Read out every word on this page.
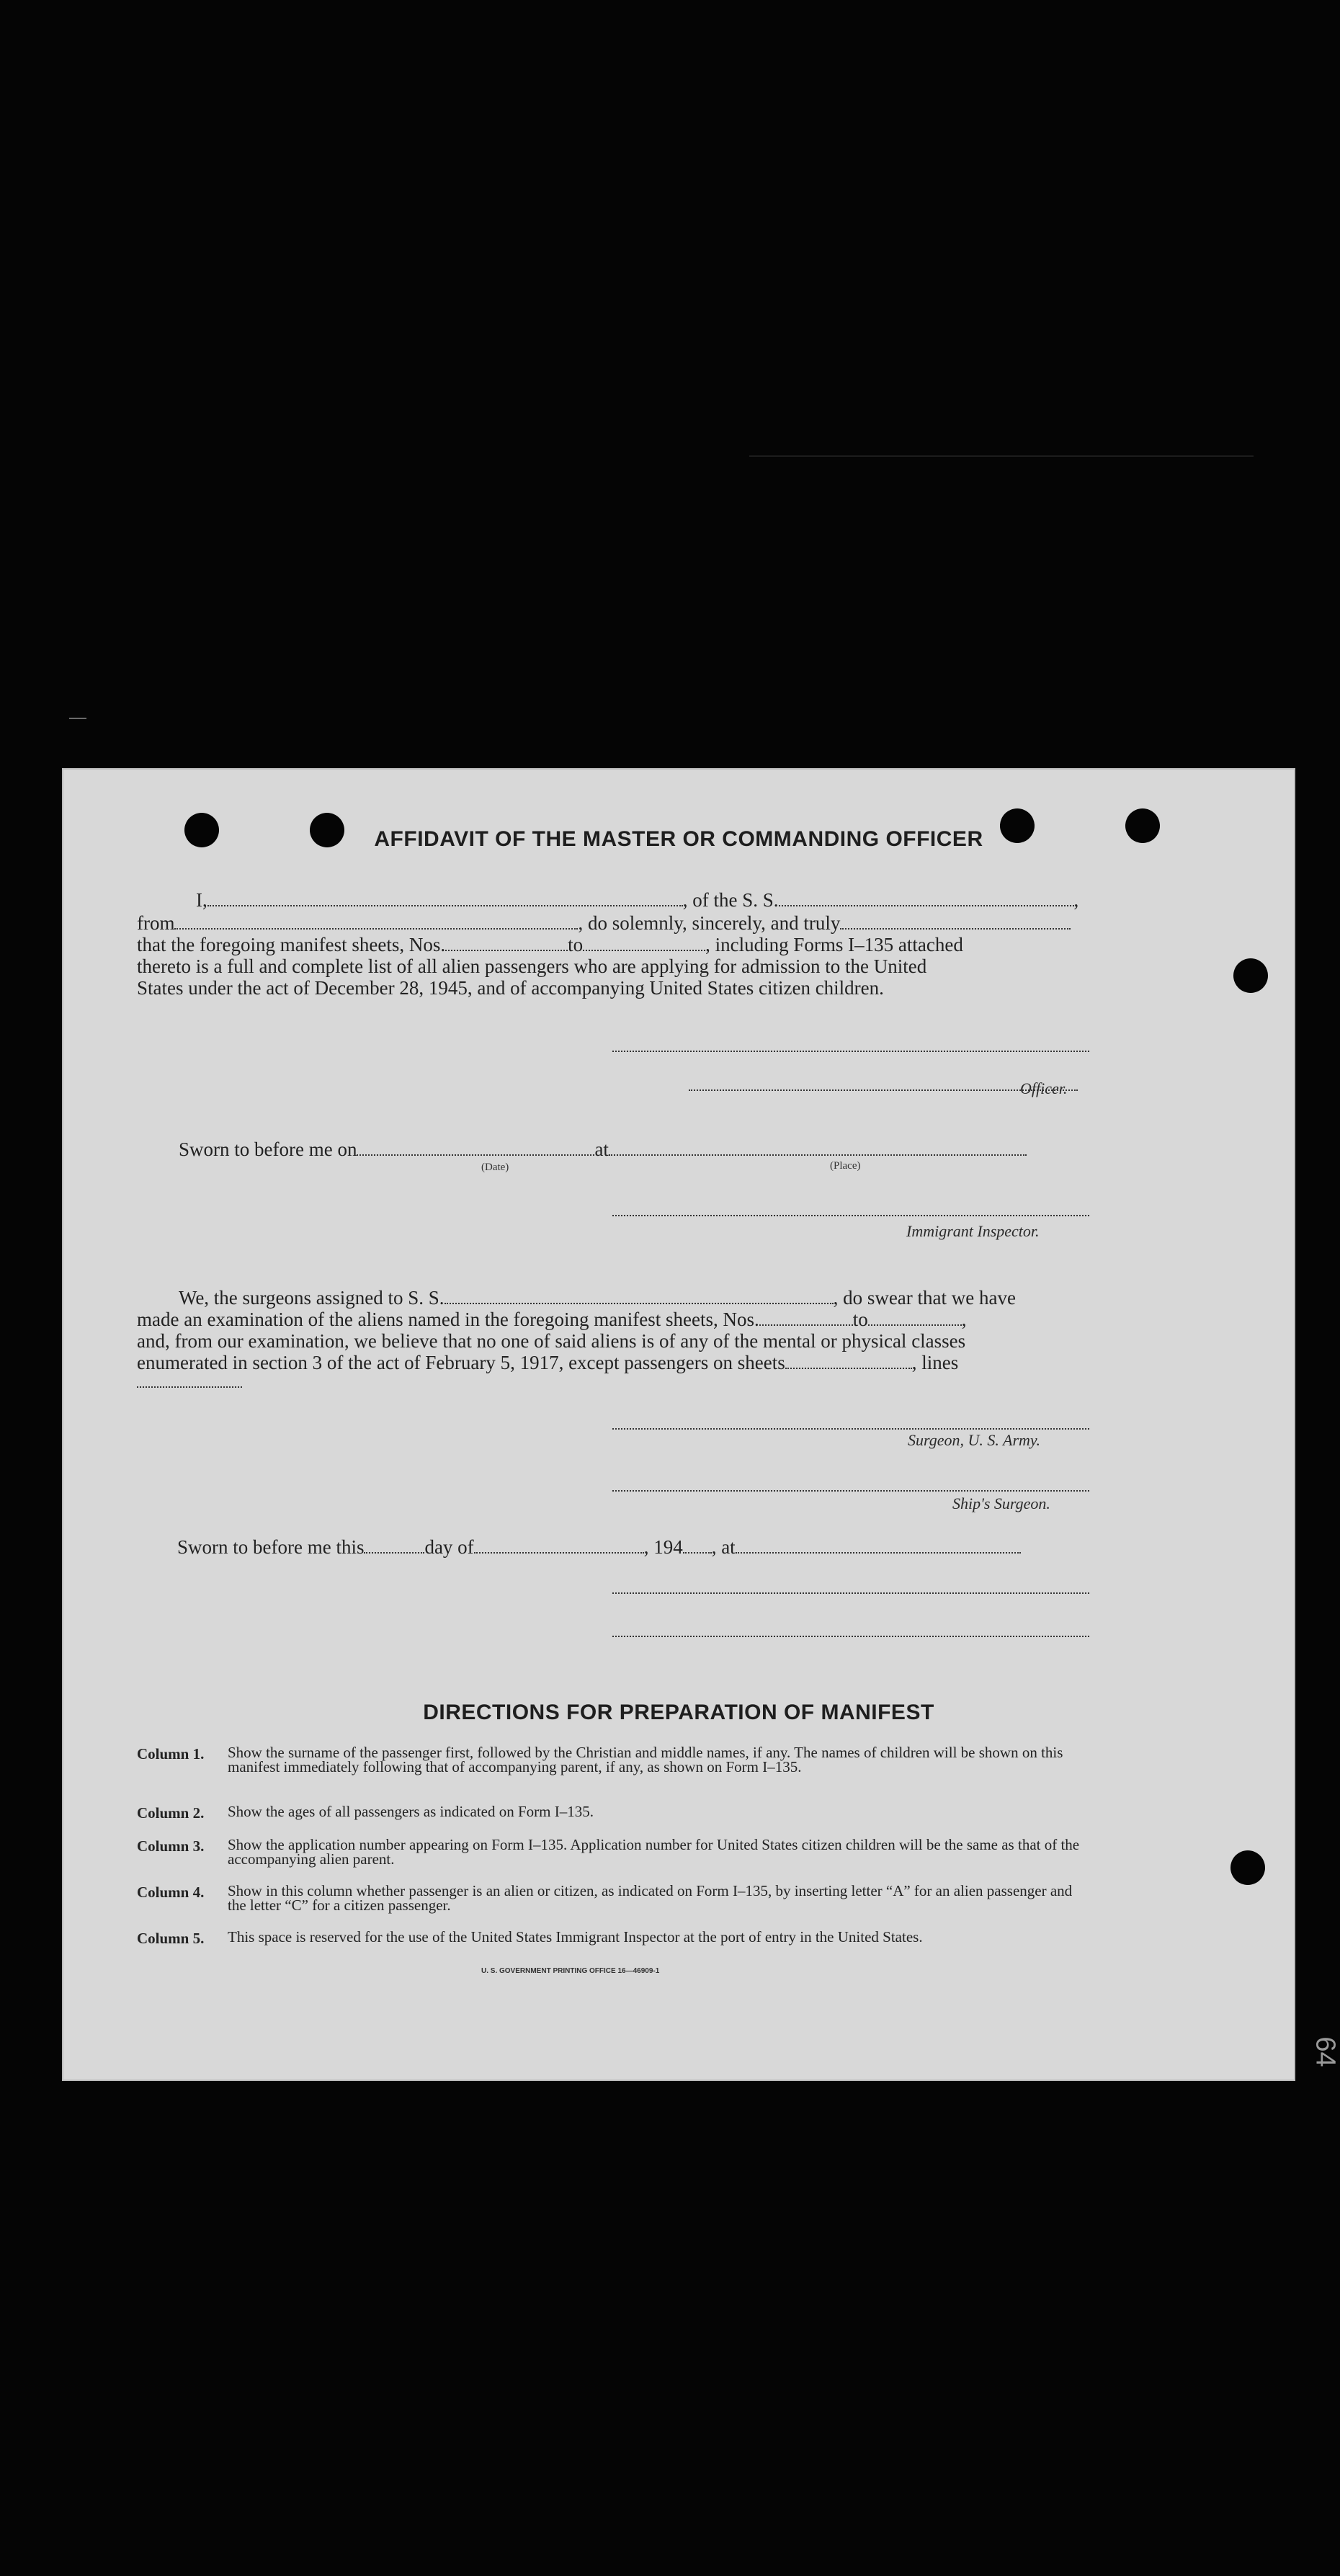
AFFIDAVIT OF THE MASTER OR COMMANDING OFFICER
I,	, of the S. S.	,
from	, do solemnly, sincerely, and truly
that the foregoing manifest sheets, Nos.	to	, including Forms I–135 attached
thereto is a full and complete list of all alien passengers who are applying for admission to the United
States under the act of December 28, 1945, and of accompanying United States citizen children.
Officer.
Sworn to before me on	at
(Date)	(Place)
Immigrant Inspector.
We, the surgeons assigned to S. S.	, do swear that we have
made an examination of the aliens named in the foregoing manifest sheets, Nos.	to	,
and, from our examination, we believe that no one of said aliens is of any of the mental or physical classes
enumerated in section 3 of the act of February 5, 1917, except passengers on sheets	, lines
Surgeon, U. S. Army.
Ship's Surgeon.
Sworn to before me this	day of	, 194 , at
DIRECTIONS FOR PREPARATION OF MANIFEST
Column 1. Show the surname of the passenger first, followed by the Christian and middle names, if any. The names of children will be shown on this manifest immediately following that of accompanying parent, if any, as shown on Form I–135.
Column 2. Show the ages of all passengers as indicated on Form I–135.
Column 3. Show the application number appearing on Form I–135. Application number for United States citizen children will be the same as that of the accompanying alien parent.
Column 4. Show in this column whether passenger is an alien or citizen, as indicated on Form I–135, by inserting letter “A” for an alien passenger and the letter “C” for a citizen passenger.
Column 5. This space is reserved for the use of the United States Immigrant Inspector at the port of entry in the United States.
U. S. GOVERNMENT PRINTING OFFICE 16—46909-1
64
